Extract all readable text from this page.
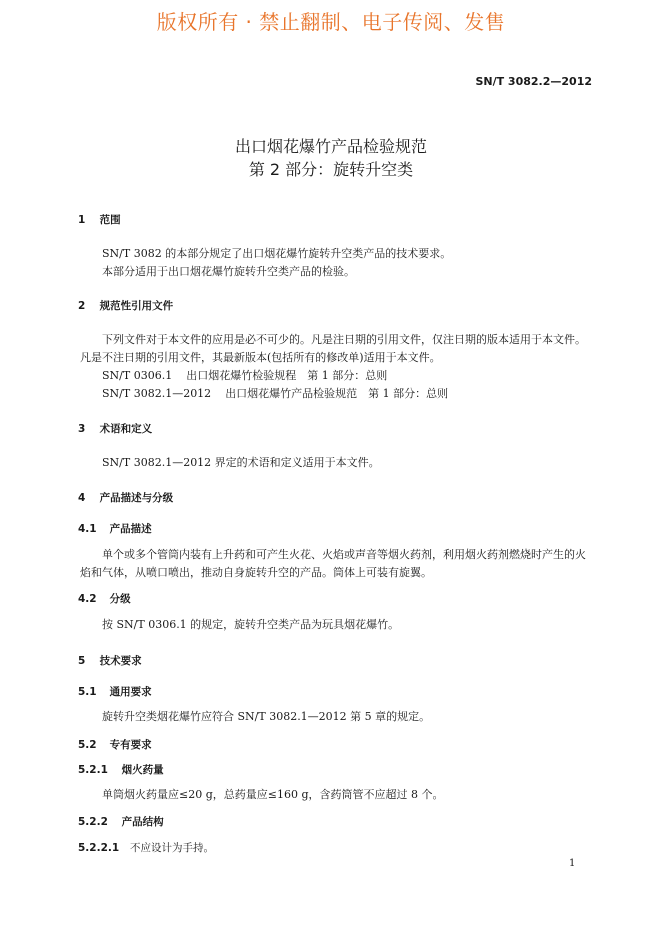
版权所有 · 禁止翻制、电子传阅、发售
SN/T 3082.2—2012
出口烟花爆竹产品检验规范
第 2 部分：旋转升空类
1 范围
SN/T 3082 的本部分规定了出口烟花爆竹旋转升空类产品的技术要求。
本部分适用于出口烟花爆竹旋转升空类产品的检验。
2 规范性引用文件
下列文件对于本文件的应用是必不可少的。凡是注日期的引用文件，仅注日期的版本适用于本文件。凡是不注日期的引用文件，其最新版本(包括所有的修改单)适用于本文件。
SN/T 0306.1 出口烟花爆竹检验规程　第 1 部分：总则
SN/T 3082.1—2012 出口烟花爆竹产品检验规范　第 1 部分：总则
3 术语和定义
SN/T 3082.1—2012 界定的术语和定义适用于本文件。
4 产品描述与分级
4.1 产品描述
单个或多个管筒内装有上升药和可产生火花、火焰或声音等烟火药剂，利用烟火药剂燃烧时产生的火焰和气体，从喷口喷出，推动自身旋转升空的产品。筒体上可装有旋翼。
4.2 分级
按 SN/T 0306.1 的规定，旋转升空类产品为玩具烟花爆竹。
5 技术要求
5.1 通用要求
旋转升空类烟花爆竹应符合 SN/T 3082.1—2012 第 5 章的规定。
5.2 专有要求
5.2.1 烟火药量
单筒烟火药量应≤20 g，总药量应≤160 g，含药筒管不应超过 8 个。
5.2.2 产品结构
5.2.2.1 不应设计为手持。
1
